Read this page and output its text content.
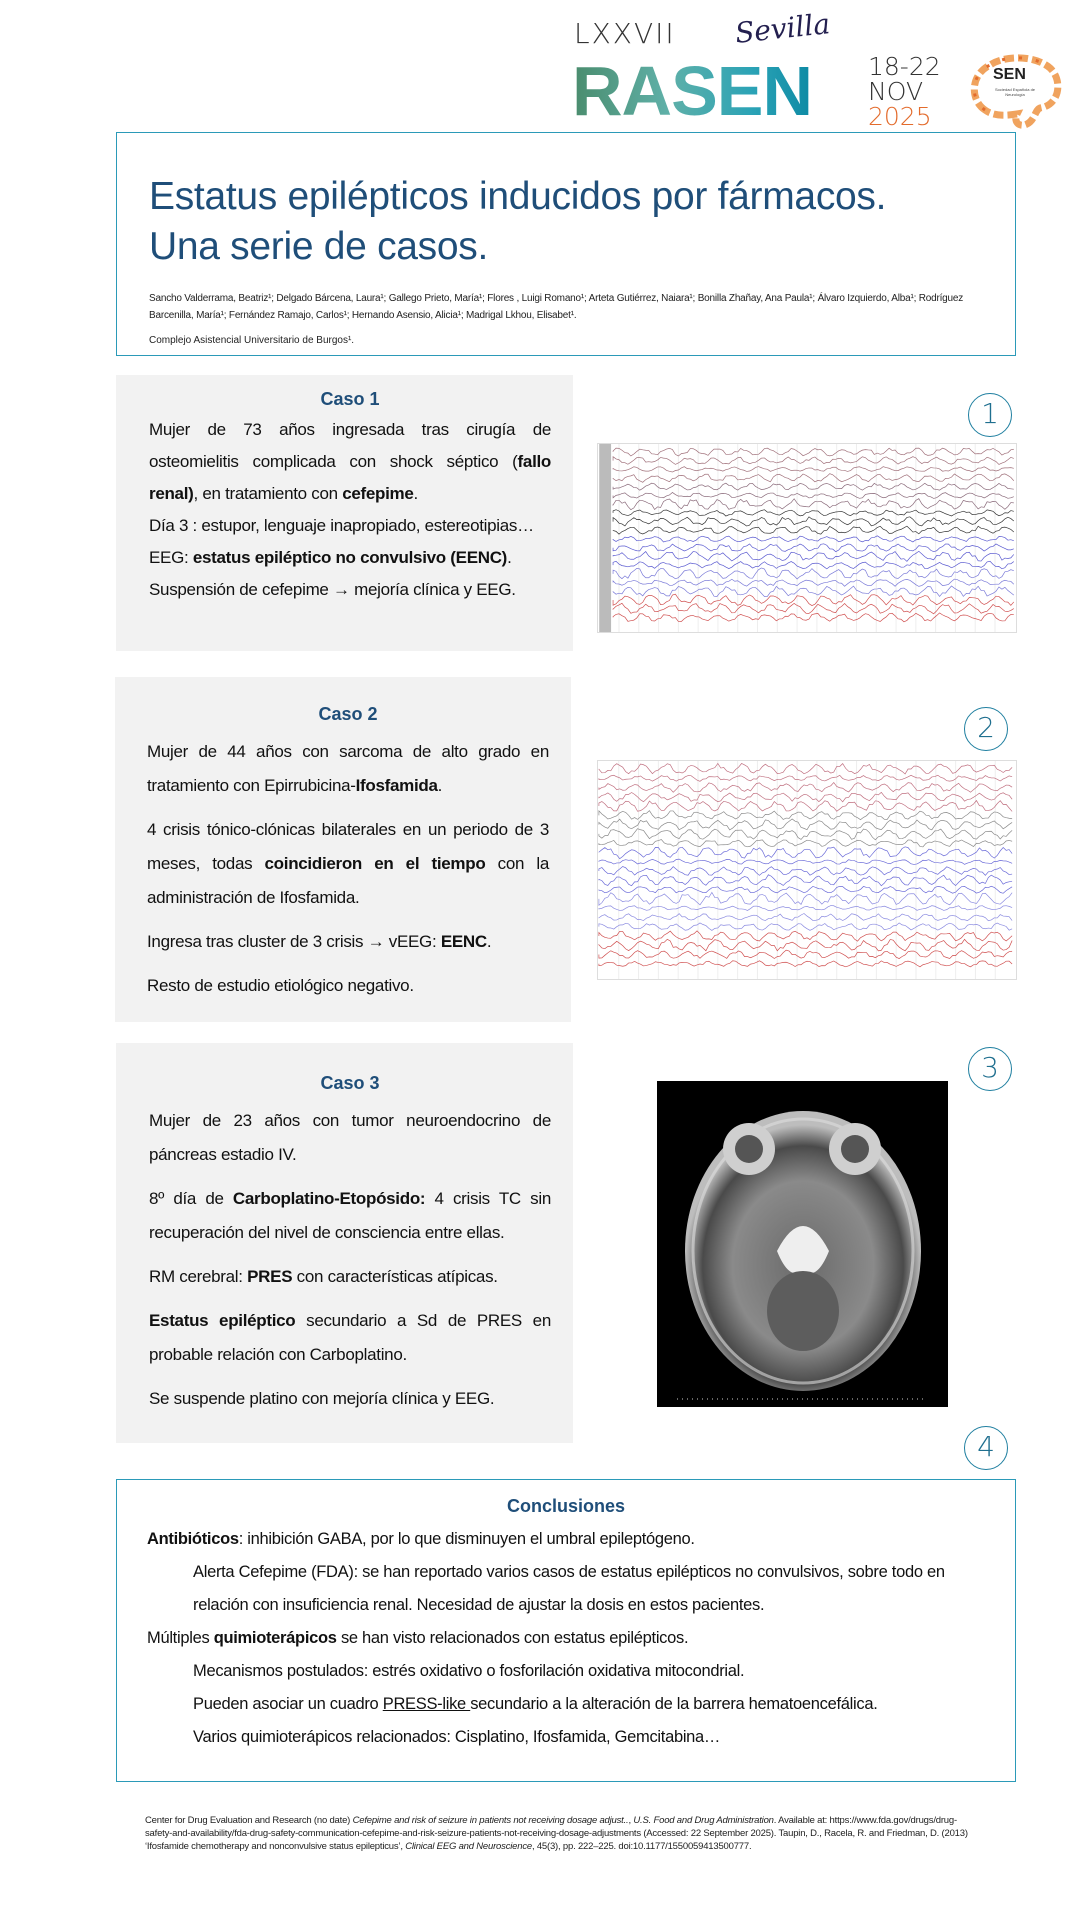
LXXVII Sevilla
RASEN 18-22
NOV
2025
SEN
Sociedad Española de Neurología
Estatus epilépticos inducidos por fármacos.
Una serie de casos.
Sancho Valderrama, Beatriz¹; Delgado Bárcena, Laura¹; Gallego Prieto, María¹; Flores , Luigi Romano¹; Arteta Gutiérrez, Naiara¹; Bonilla Zhañay, Ana Paula¹; Álvaro Izquierdo, Alba¹; Rodríguez Barcenilla, María¹; Fernández Ramajo, Carlos¹; Hernando Asensio, Alicia¹; Madrigal Lkhou, Elisabet¹.
Complejo Asistencial Universitario de Burgos¹.
Caso 1

Mujer de 73 años ingresada tras cirugía de osteomielitis complicada con shock séptico (fallo renal), en tratamiento con cefepime.

Día 3 : estupor, lenguaje inapropiado, estereotipias…

EEG: estatus epiléptico no convulsivo (EENC).

Suspensión de cefepime → mejoría clínica y EEG.

1
Caso 2

Mujer de 44 años con sarcoma de alto grado en tratamiento con Epirrubicina-Ifosfamida.

4 crisis tónico-clónicas bilaterales en un periodo de 3 meses, todas coincidieron en el tiempo con la administración de Ifosfamida.

Ingresa tras cluster de 3 crisis → vEEG: EENC.

Resto de estudio etiológico negativo.

2
Caso 3

Mujer de 23 años con tumor neuroendocrino de páncreas estadio IV.

8º día de Carboplatino-Etopósido: 4 crisis TC sin recuperación del nivel de consciencia entre ellas.

RM cerebral: PRES con características atípicas.

Estatus epiléptico secundario a Sd de PRES en probable relación con Carboplatino.

Se suspende platino con mejoría clínica y EEG.

3
4
Conclusiones

Antibióticos: inhibición GABA, por lo que disminuyen el umbral epileptógeno.

Alerta Cefepime (FDA): se han reportado varios casos de estatus epilépticos no convulsivos, sobre todo en relación con insuficiencia renal. Necesidad de ajustar la dosis en estos pacientes.

Múltiples quimioterápicos se han visto relacionados con estatus epilépticos.

Mecanismos postulados: estrés oxidativo o fosforilación oxidativa mitocondrial.

Pueden asociar un cuadro PRESS-like secundario a la alteración de la barrera hematoencefálica.

Varios quimioterápicos relacionados: Cisplatino, Ifosfamida, Gemcitabina…

Center for Drug Evaluation and Research (no date) Cefepime and risk of seizure in patients not receiving dosage adjust.., U.S. Food and Drug Administration. Available at: https://www.fda.gov/drugs/drug-safety-and-availability/fda-drug-safety-communication-cefepime-and-risk-seizure-patients-not-receiving-dosage-adjustments (Accessed: 22 September 2025). Taupin, D., Racela, R. and Friedman, D. (2013) ‘Ifosfamide chemotherapy and nonconvulsive status epilepticus’, Clinical EEG and Neuroscience, 45(3), pp. 222–225. doi:10.1177/1550059413500777.
